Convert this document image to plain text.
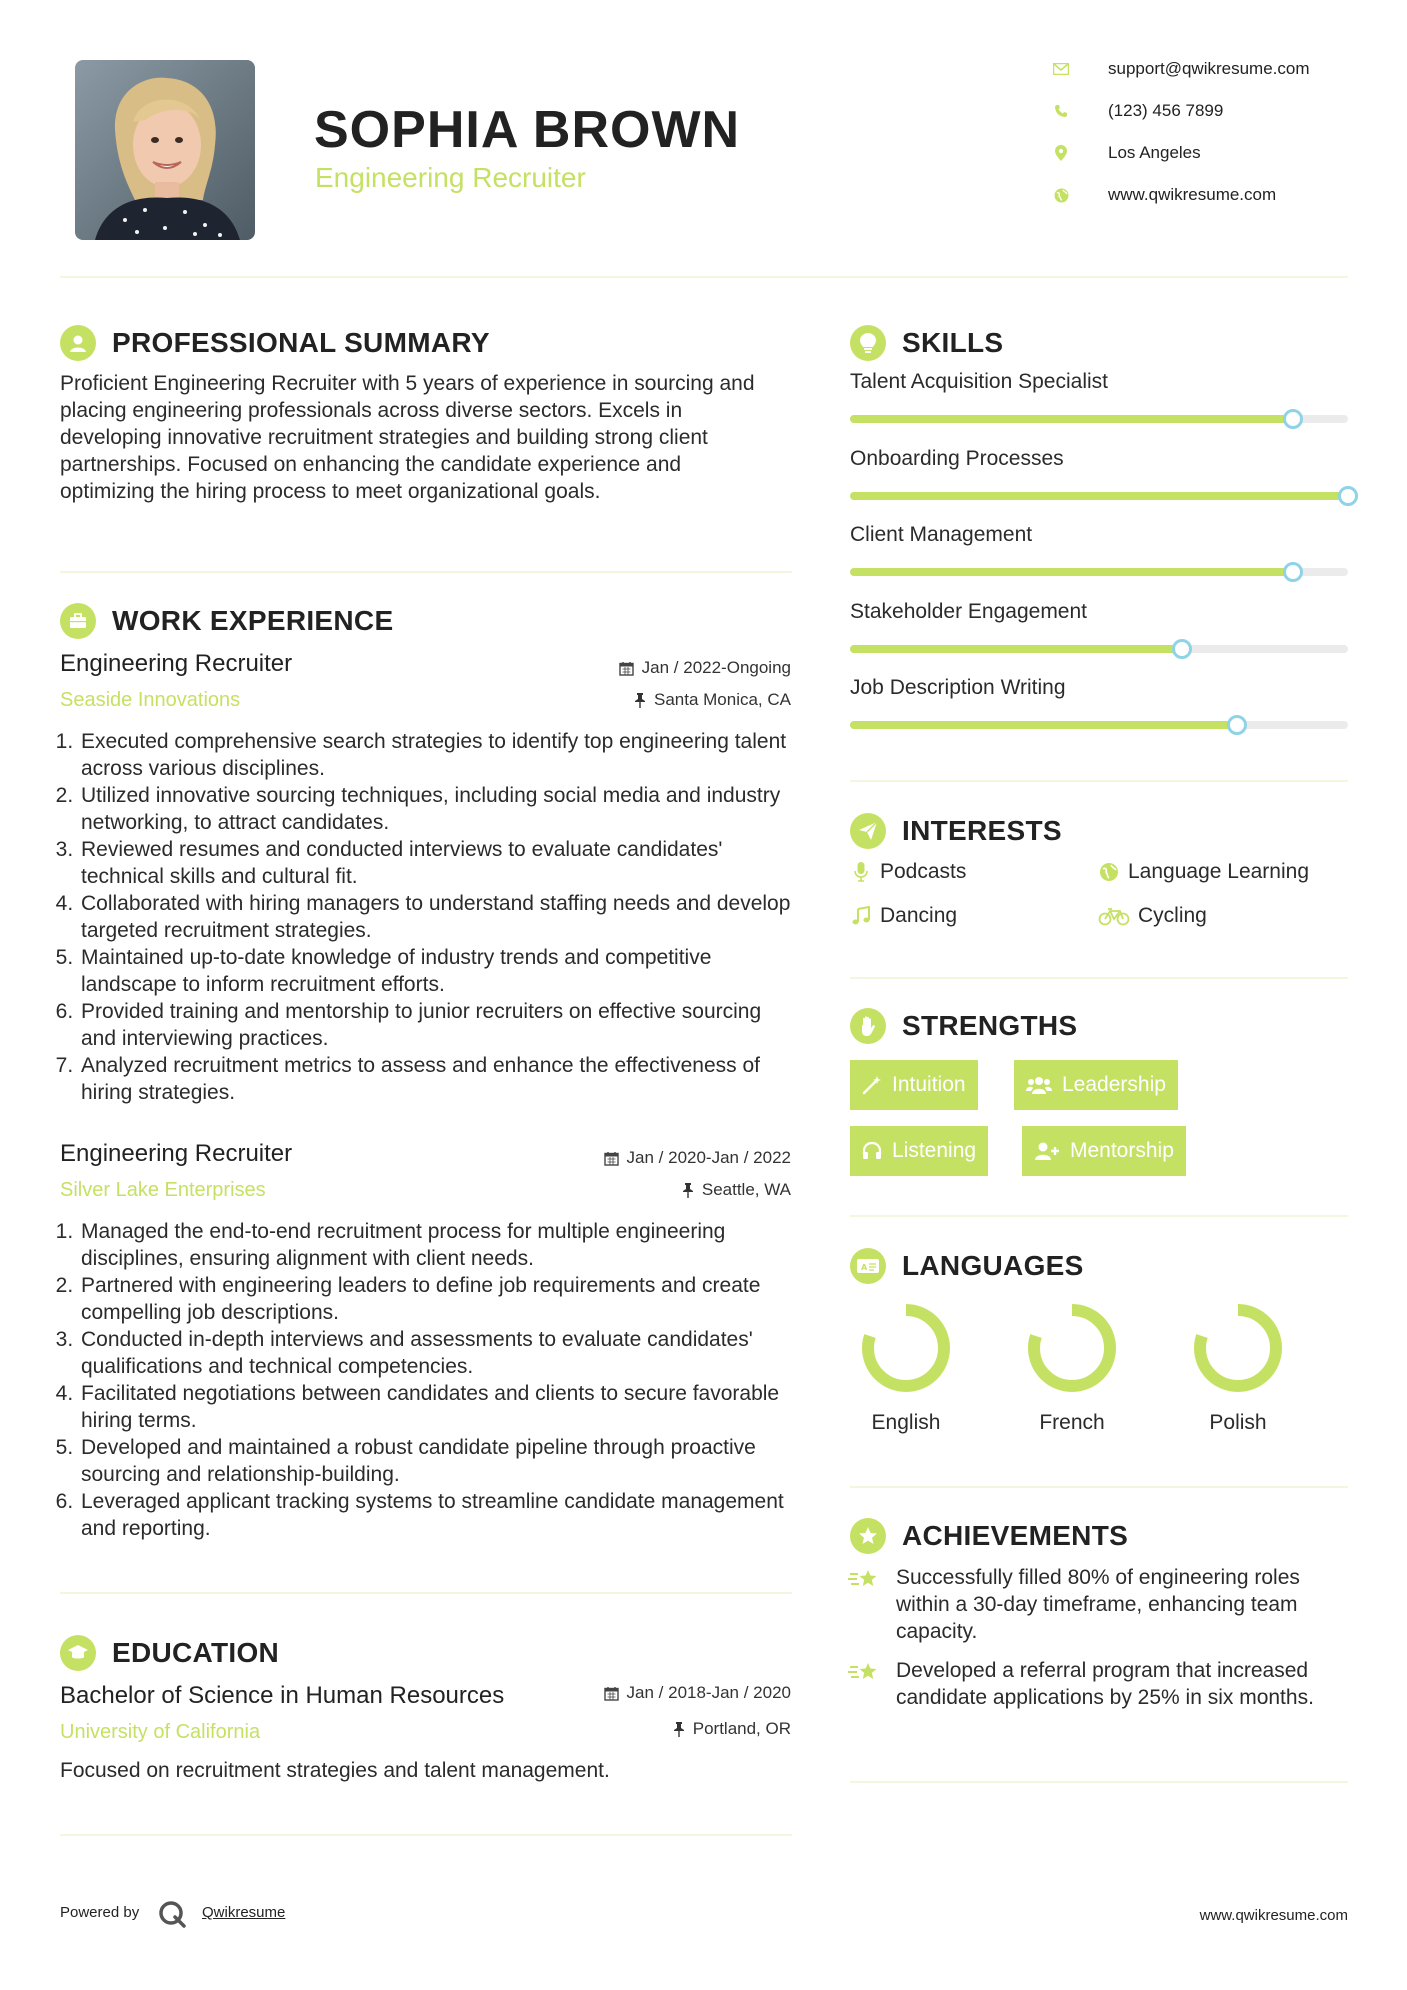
SOPHIA BROWN
Engineering Recruiter
support@qwikresume.com
(123) 456 7899
Los Angeles
www.qwikresume.com
PROFESSIONAL SUMMARY
Proficient Engineering Recruiter with 5 years of experience in sourcing and placing engineering professionals across diverse sectors. Excels in developing innovative recruitment strategies and building strong client partnerships. Focused on enhancing the candidate experience and optimizing the hiring process to meet organizational goals.
WORK EXPERIENCE
Engineering Recruiter
Seaside Innovations
Jan / 2022-Ongoing
Santa Monica, CA
1. Executed comprehensive search strategies to identify top engineering talent across various disciplines.
2. Utilized innovative sourcing techniques, including social media and industry networking, to attract candidates.
3. Reviewed resumes and conducted interviews to evaluate candidates' technical skills and cultural fit.
4. Collaborated with hiring managers to understand staffing needs and develop targeted recruitment strategies.
5. Maintained up-to-date knowledge of industry trends and competitive landscape to inform recruitment efforts.
6. Provided training and mentorship to junior recruiters on effective sourcing and interviewing practices.
7. Analyzed recruitment metrics to assess and enhance the effectiveness of hiring strategies.
Engineering Recruiter
Silver Lake Enterprises
Jan / 2020-Jan / 2022
Seattle, WA
1. Managed the end-to-end recruitment process for multiple engineering disciplines, ensuring alignment with client needs.
2. Partnered with engineering leaders to define job requirements and create compelling job descriptions.
3. Conducted in-depth interviews and assessments to evaluate candidates' qualifications and technical competencies.
4. Facilitated negotiations between candidates and clients to secure favorable hiring terms.
5. Developed and maintained a robust candidate pipeline through proactive sourcing and relationship-building.
6. Leveraged applicant tracking systems to streamline candidate management and reporting.
EDUCATION
Bachelor of Science in Human Resources
University of California
Jan / 2018-Jan / 2020
Portland, OR
Focused on recruitment strategies and talent management.
SKILLS
Talent Acquisition Specialist
Onboarding Processes
Client Management
Stakeholder Engagement
Job Description Writing
INTERESTS
Podcasts	Language Learning
Dancing	Cycling
STRENGTHS
Intuition	Leadership
Listening	Mentorship
A LANGUAGES
English	French	Polish
ACHIEVEMENTS
Successfully filled 80% of engineering roles within a 30-day timeframe, enhancing team capacity.
Developed a referral program that increased candidate applications by 25% in six months.
Powered by	Qwikresume	www.qwikresume.com
